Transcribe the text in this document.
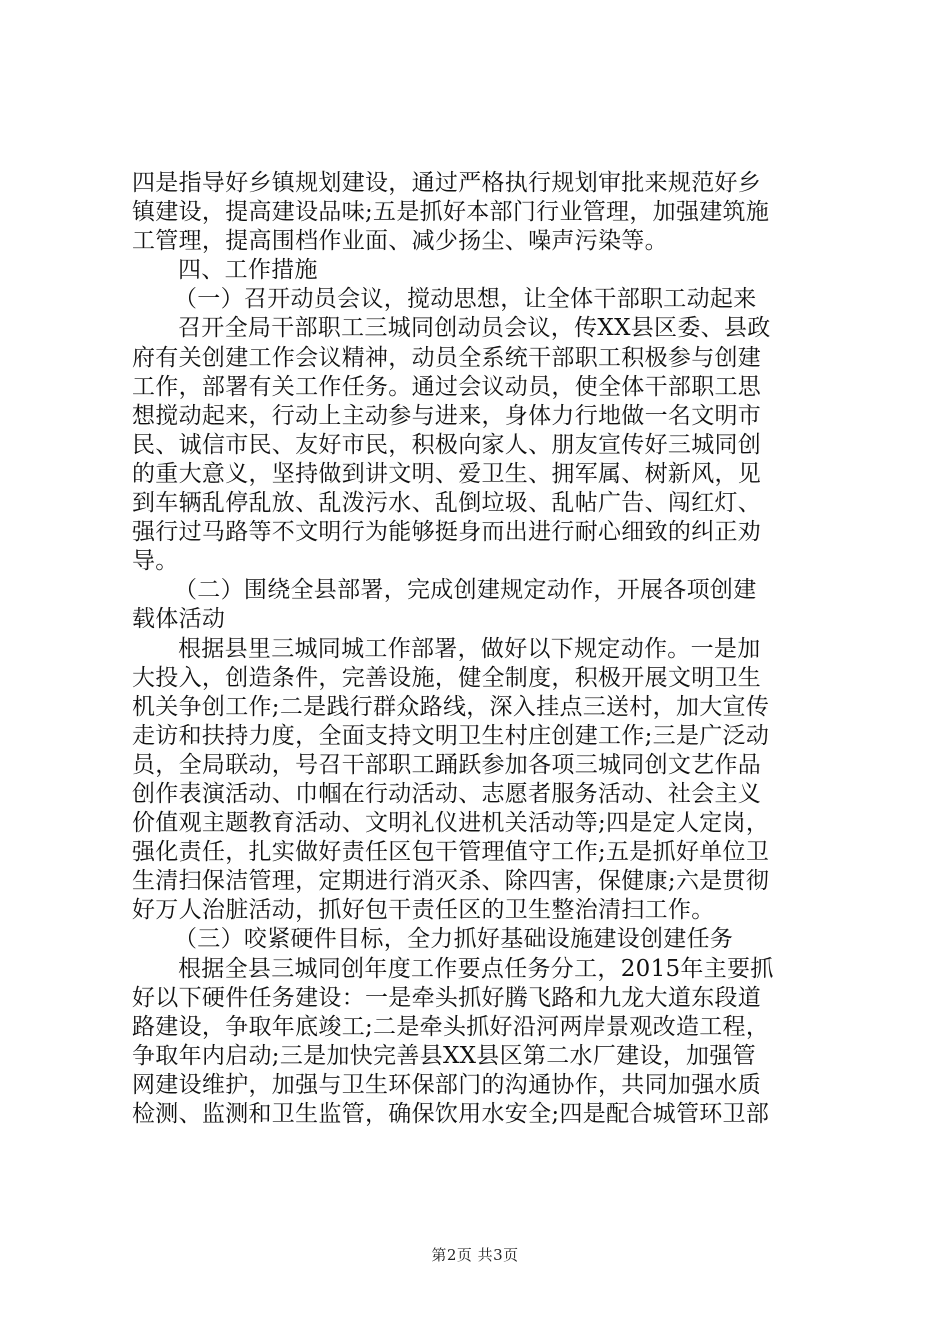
四是指导好乡镇规划建设，通过严格执行规划审批来规范好乡
镇建设，提高建设品味;五是抓好本部门行业管理，加强建筑施
工管理，提高围档作业面、减少扬尘、噪声污染等。
四、工作措施
（一）召开动员会议，搅动思想，让全体干部职工动起来
召开全局干部职工三城同创动员会议，传XX县区委、县政
府有关创建工作会议精神，动员全系统干部职工积极参与创建
工作，部署有关工作任务。通过会议动员，使全体干部职工思
想搅动起来，行动上主动参与进来，身体力行地做一名文明市
民、诚信市民、友好市民，积极向家人、朋友宣传好三城同创
的重大意义，坚持做到讲文明、爱卫生、拥军属、树新风，见
到车辆乱停乱放、乱泼污水、乱倒垃圾、乱帖广告、闯红灯、
强行过马路等不文明行为能够挺身而出进行耐心细致的纠正劝
导。
（二）围绕全县部署，完成创建规定动作，开展各项创建
载体活动
根据县里三城同城工作部署，做好以下规定动作。一是加
大投入，创造条件，完善设施，健全制度，积极开展文明卫生
机关争创工作;二是践行群众路线，深入挂点三送村，加大宣传
走访和扶持力度，全面支持文明卫生村庄创建工作;三是广泛动
员，全局联动，号召干部职工踊跃参加各项三城同创文艺作品
创作表演活动、巾帼在行动活动、志愿者服务活动、社会主义
价值观主题教育活动、文明礼仪进机关活动等;四是定人定岗，
强化责任，扎实做好责任区包干管理值守工作;五是抓好单位卫
生清扫保洁管理，定期进行消灭杀、除四害，保健康;六是贯彻
好万人治脏活动，抓好包干责任区的卫生整治清扫工作。
（三）咬紧硬件目标，全力抓好基础设施建设创建任务
根据全县三城同创年度工作要点任务分工，2015年主要抓
好以下硬件任务建设：一是牵头抓好腾飞路和九龙大道东段道
路建设，争取年底竣工;二是牵头抓好沿河两岸景观改造工程，
争取年内启动;三是加快完善县XX县区第二水厂建设，加强管
网建设维护，加强与卫生环保部门的沟通协作，共同加强水质
检测、监测和卫生监管，确保饮用水安全;四是配合城管环卫部
第2页 共3页
